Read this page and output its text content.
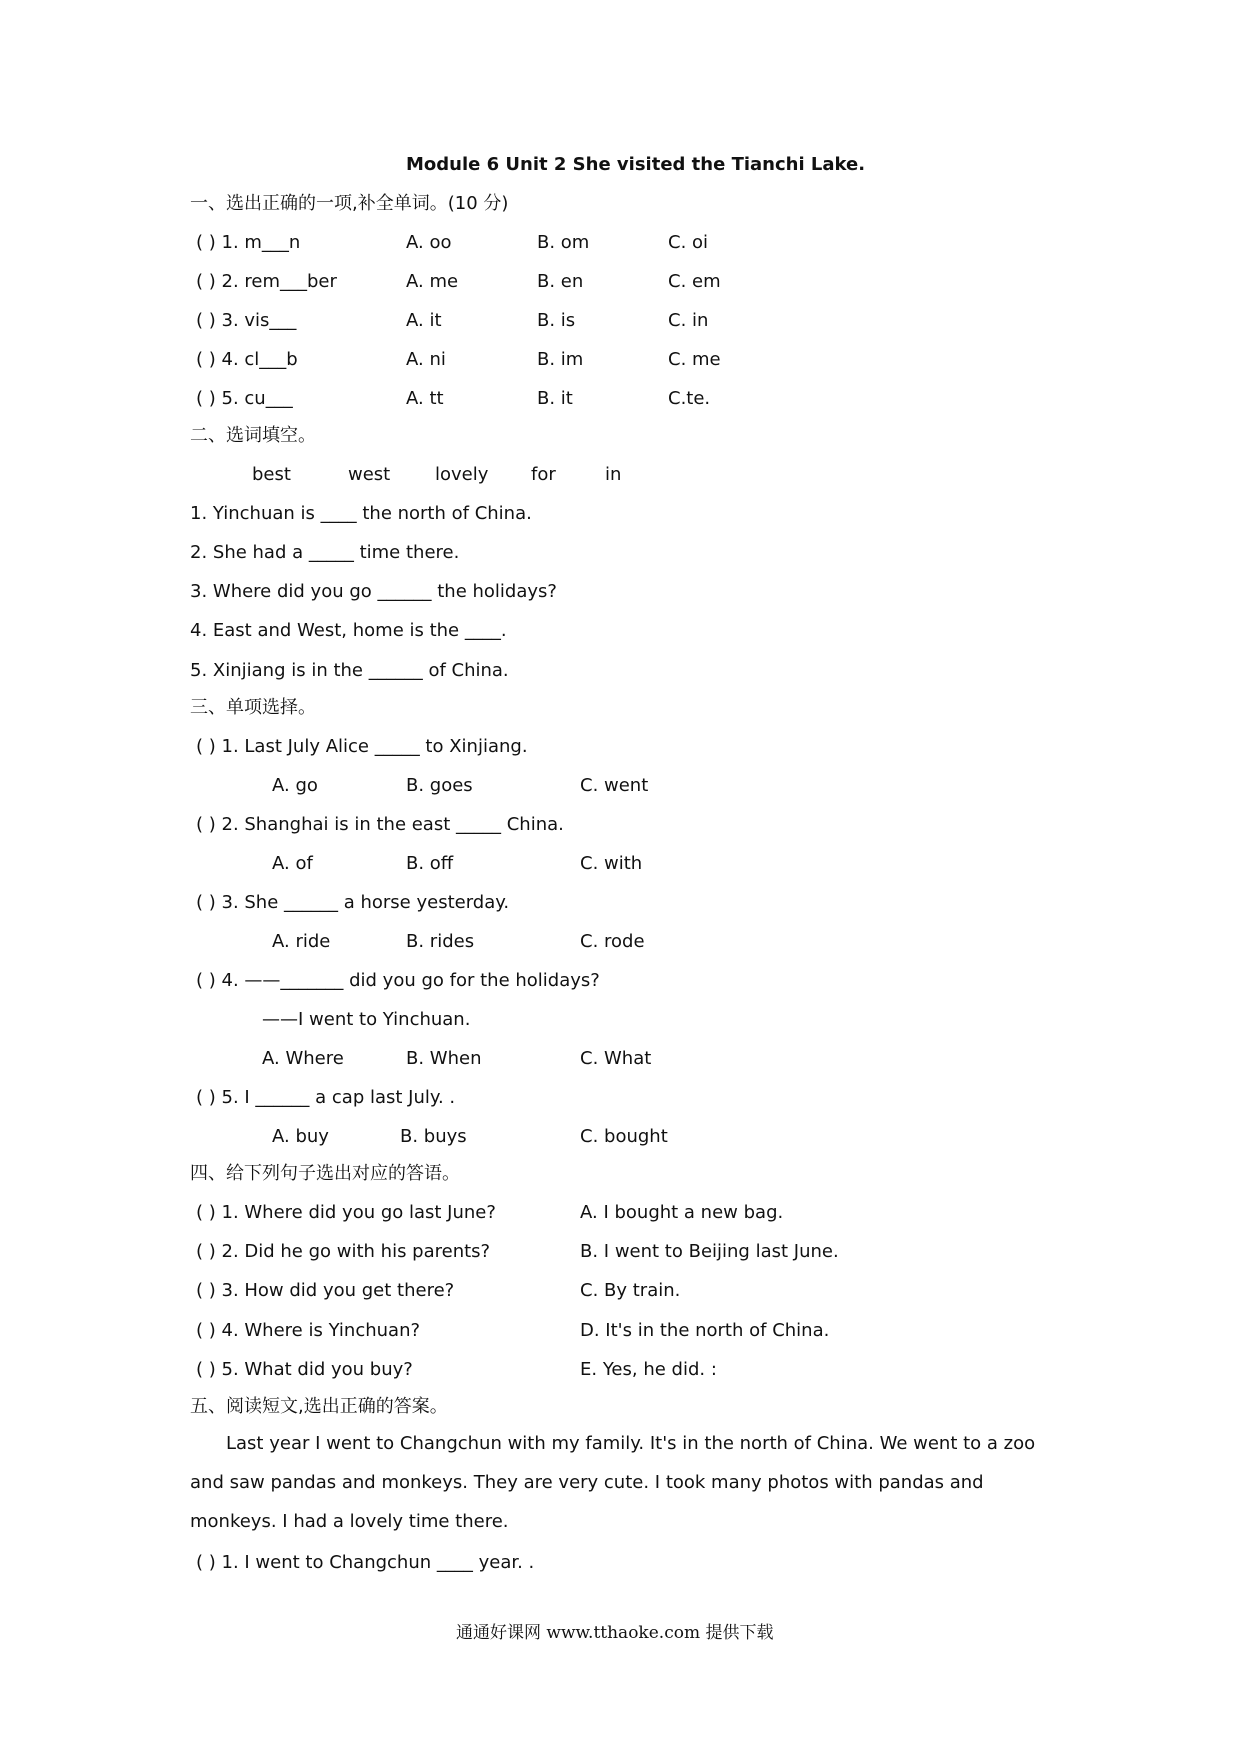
Module 6 Unit 2 She visited the Tianchi Lake.
一、选出正确的一项,补全单词。(10 分)
( ) 1. m___n	A. oo	B. om	C. oi
( ) 2. rem___ber	A. me	B. en	C. em
( ) 3. vis___	A. it	B. is	C. in
( ) 4. cl___b	A. ni	B. im	C. me
( ) 5. cu___	A. tt	B. it	C.te.
二、选词填空。
best	west lovely for	in
1. Yinchuan is ____ the north of China.
2. She had a _____ time there.
3. Where did you go ______ the holidays?
4. East and West, home is the ____.
5. Xinjiang is in the ______ of China.
三、单项选择。
( ) 1. Last July Alice _____ to Xinjiang.
A. go	B. goes	C. went
( ) 2. Shanghai is in the east _____ China.
A. of	B. off	C. with
( ) 3. She ______ a horse yesterday.
A. ride	B. rides	C. rode
( ) 4. ——_______ did you go for the holidays?
——I went to Yinchuan.
A. Where	B. When	C. What
( ) 5. I ______ a cap last July. .
A. buy	B. buys	C. bought
四、给下列句子选出对应的答语。
( ) 1. Where did you go last June?	A. I bought a new bag.
( ) 2. Did he go with his parents?	B. I went to Beijing last June.
( ) 3. How did you get there?	C. By train.
( ) 4. Where is Yinchuan?	D. It's in the north of China.
( ) 5. What did you buy?	E. Yes, he did. :
五、阅读短文,选出正确的答案。
Last year I went to Changchun with my family. It's in the north of China. We went to a zoo and saw pandas and monkeys. They are very cute. I took many photos with pandas and monkeys. I had a lovely time there.
( ) 1. I went to Changchun ____ year. .
通通好课网 www.tthaoke.com 提供下载
